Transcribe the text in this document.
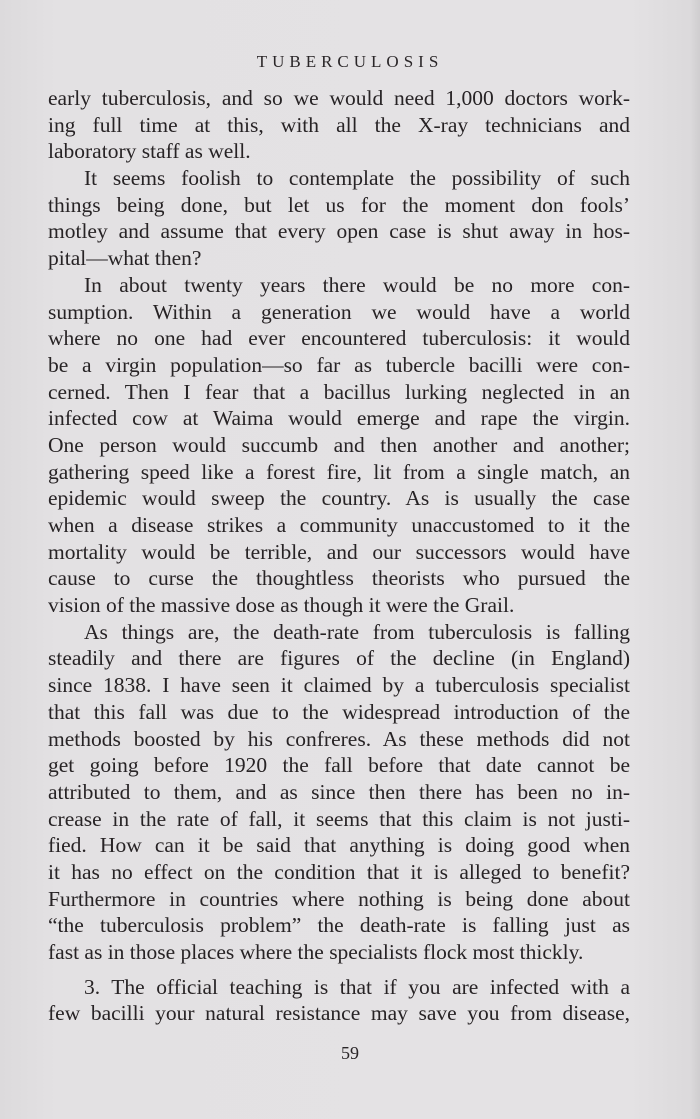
TUBERCULOSIS
early tuberculosis, and so we would need 1,000 doctors work-
ing full time at this, with all the X-ray technicians and
laboratory staff as well.
It seems foolish to contemplate the possibility of such
things being done, but let us for the moment don fools’
motley and assume that every open case is shut away in hos-
pital—what then?
In about twenty years there would be no more con-
sumption. Within a generation we would have a world
where no one had ever encountered tuberculosis: it would
be a virgin population—so far as tubercle bacilli were con-
cerned. Then I fear that a bacillus lurking neglected in an
infected cow at Waima would emerge and rape the virgin.
One person would succumb and then another and another;
gathering speed like a forest fire, lit from a single match, an
epidemic would sweep the country. As is usually the case
when a disease strikes a community unaccustomed to it the
mortality would be terrible, and our successors would have
cause to curse the thoughtless theorists who pursued the
vision of the massive dose as though it were the Grail.
As things are, the death-rate from tuberculosis is falling
steadily and there are figures of the decline (in England)
since 1838. I have seen it claimed by a tuberculosis specialist
that this fall was due to the widespread introduction of the
methods boosted by his confreres. As these methods did not
get going before 1920 the fall before that date cannot be
attributed to them, and as since then there has been no in-
crease in the rate of fall, it seems that this claim is not justi-
fied. How can it be said that anything is doing good when
it has no effect on the condition that it is alleged to benefit?
Furthermore in countries where nothing is being done about
“the tuberculosis problem” the death-rate is falling just as
fast as in those places where the specialists flock most thickly.
3. The official teaching is that if you are infected with a
few bacilli your natural resistance may save you from disease,
59
